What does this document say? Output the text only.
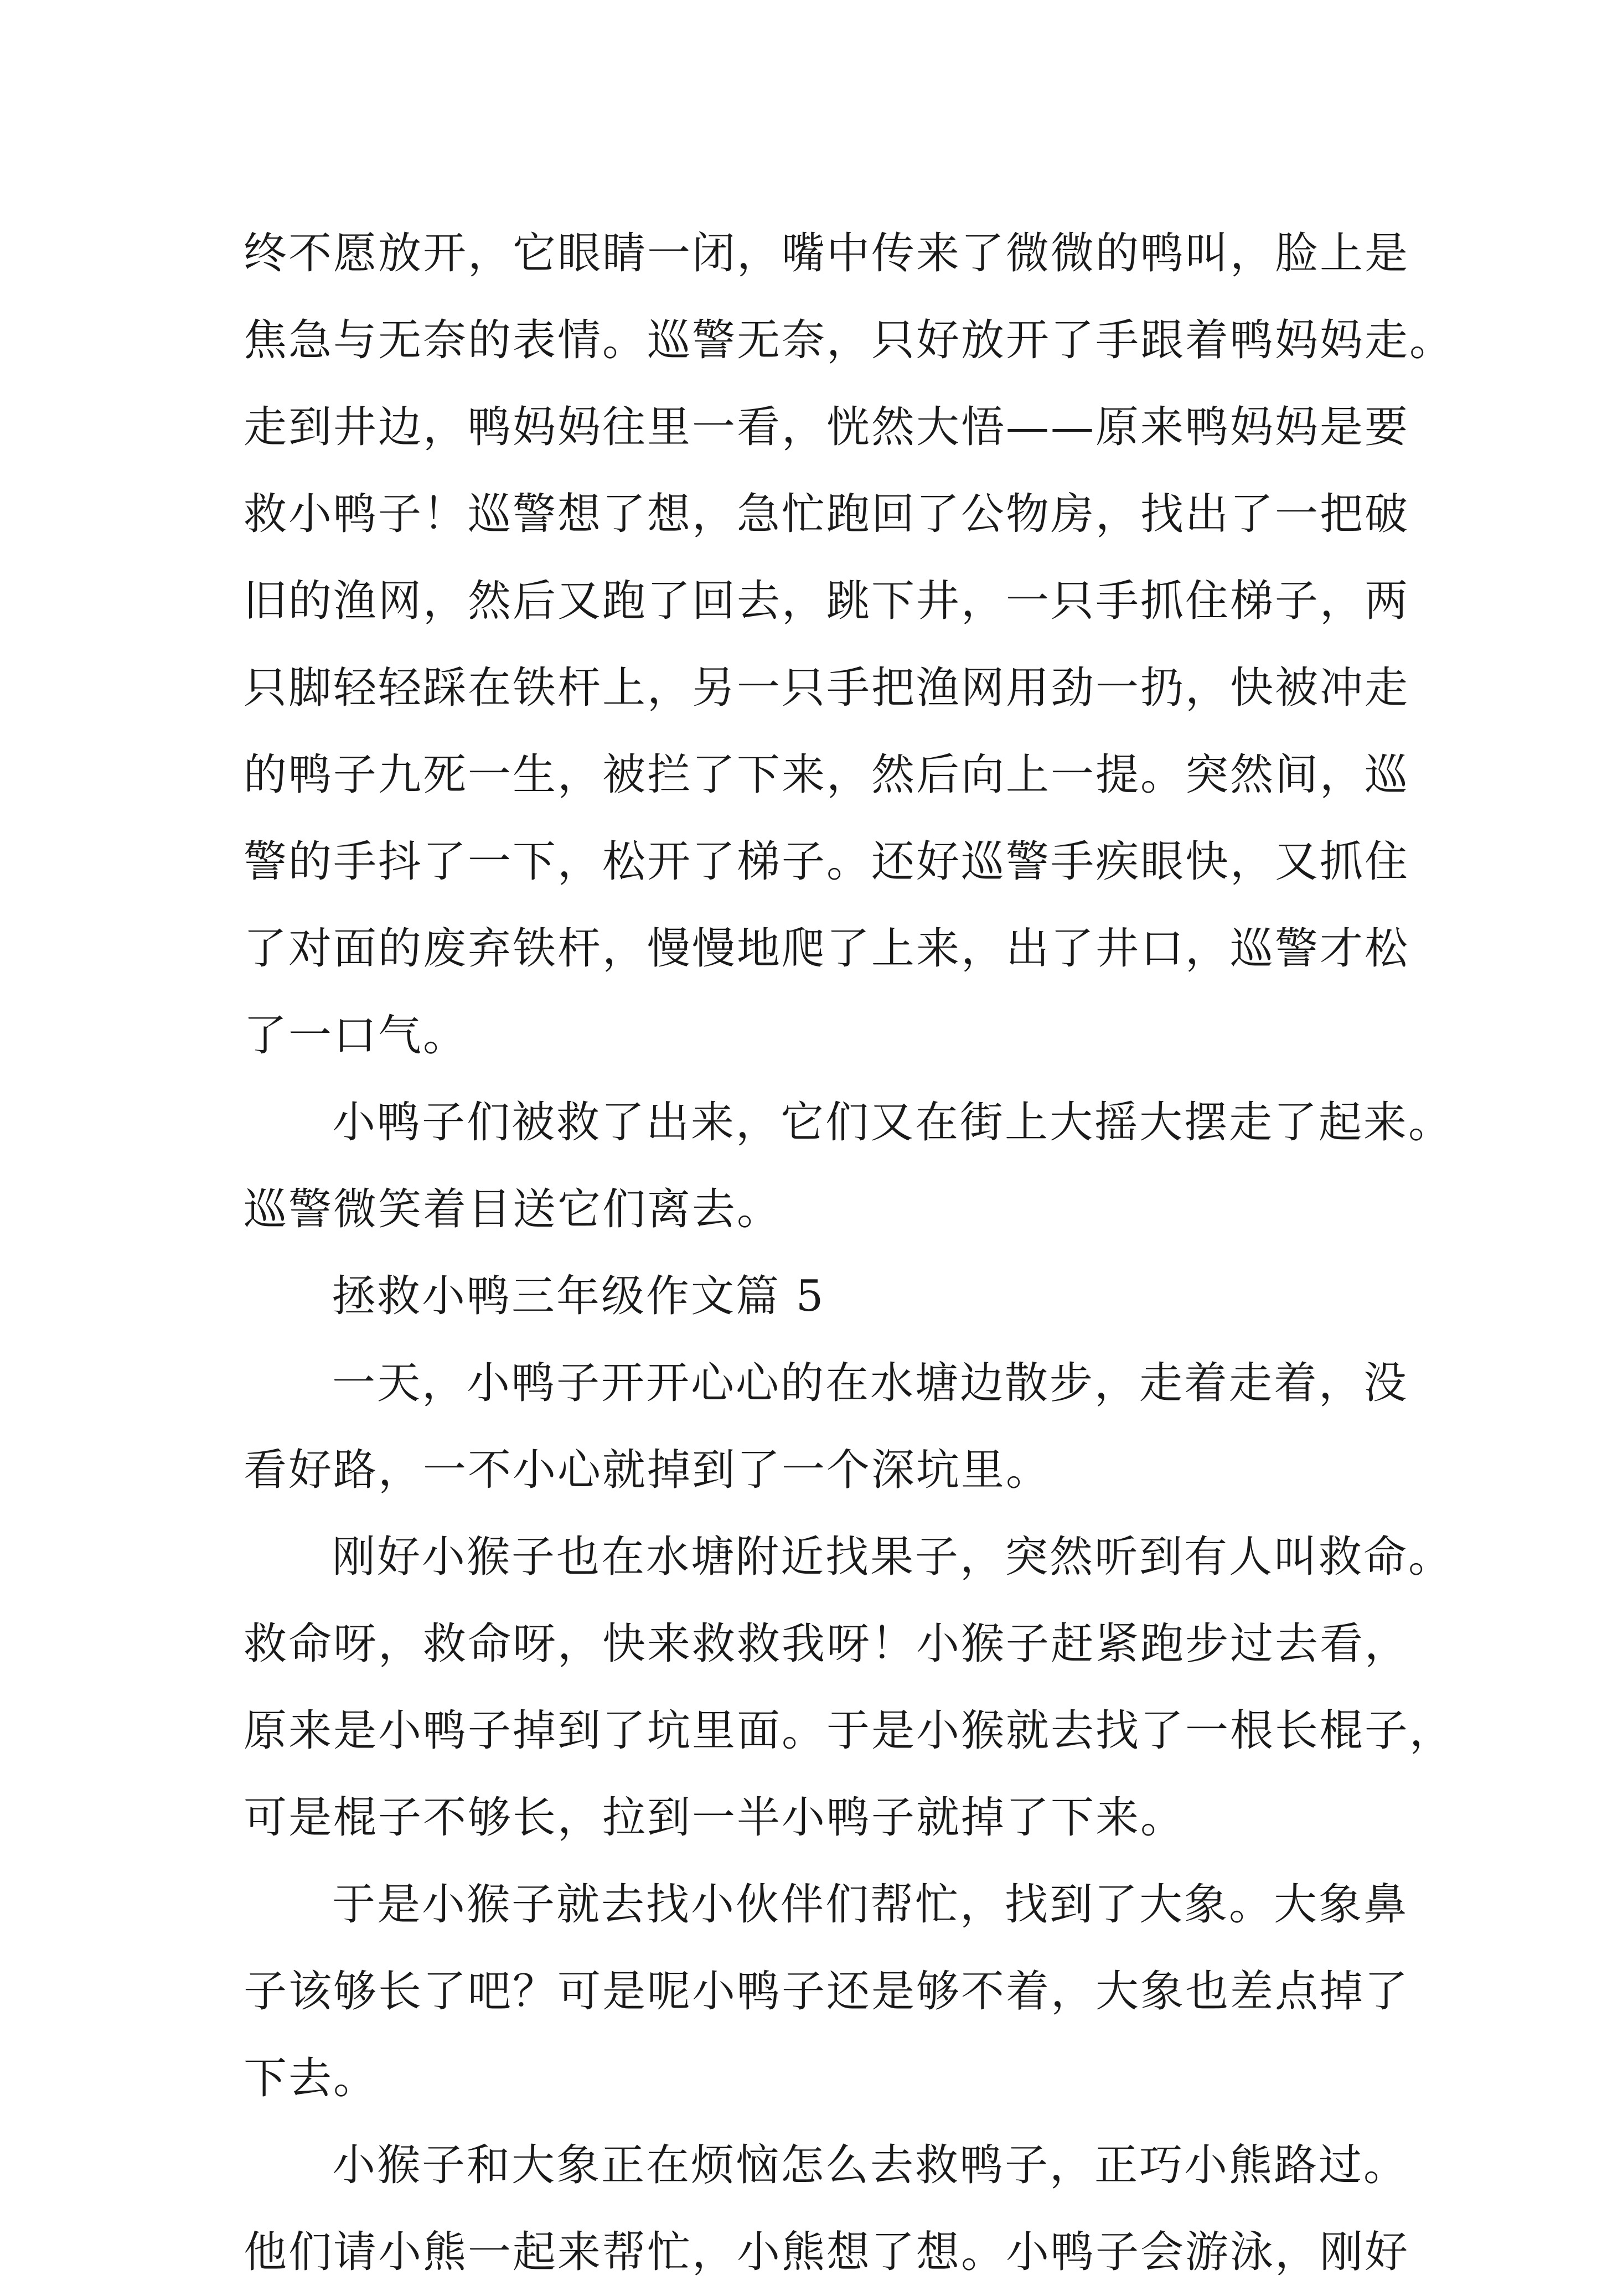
终不愿放开，它眼睛一闭，嘴中传来了微微的鸭叫，脸上是
焦急与无奈的表情。巡警无奈，只好放开了手跟着鸭妈妈走。
走到井边，鸭妈妈往里一看，恍然大悟——原来鸭妈妈是要
救小鸭子！巡警想了想，急忙跑回了公物房，找出了一把破
旧的渔网，然后又跑了回去，跳下井，一只手抓住梯子，两
只脚轻轻踩在铁杆上，另一只手把渔网用劲一扔，快被冲走
的鸭子九死一生，被拦了下来，然后向上一提。突然间，巡
警的手抖了一下，松开了梯子。还好巡警手疾眼快，又抓住
了对面的废弃铁杆，慢慢地爬了上来，出了井口，巡警才松
了一口气。
小鸭子们被救了出来，它们又在街上大摇大摆走了起来。
巡警微笑着目送它们离去。
拯救小鸭三年级作文篇 5
一天，小鸭子开开心心的在水塘边散步，走着走着，没
看好路，一不小心就掉到了一个深坑里。
刚好小猴子也在水塘附近找果子，突然听到有人叫救命。
救命呀，救命呀，快来救救我呀！小猴子赶紧跑步过去看，
原来是小鸭子掉到了坑里面。于是小猴就去找了一根长棍子，
可是棍子不够长，拉到一半小鸭子就掉了下来。
于是小猴子就去找小伙伴们帮忙，找到了大象。大象鼻
子该够长了吧？可是呢小鸭子还是够不着，大象也差点掉了
下去。
小猴子和大象正在烦恼怎么去救鸭子，正巧小熊路过。
他们请小熊一起来帮忙，小熊想了想。小鸭子会游泳，刚好
